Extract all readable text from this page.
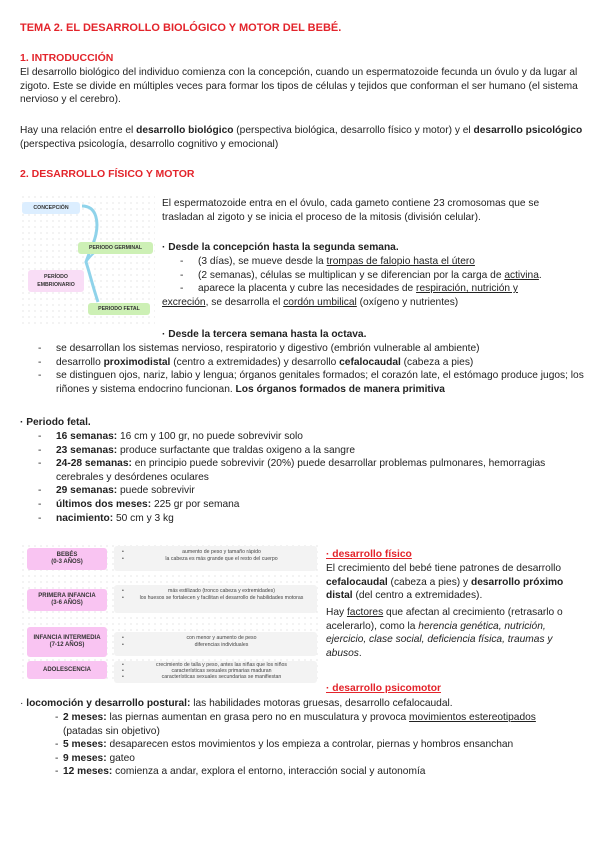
TEMA 2. EL DESARROLLO BIOLÓGICO Y MOTOR DEL BEBÉ.
1. INTRODUCCIÓN

El desarrollo biológico del individuo comienza con la concepción, cuando un espermatozoide fecunda un óvulo y da lugar al zigoto. Este se divide en múltiples veces para formar los tipos de células y tejidos que conforman el ser humano (el sistema nervioso y el cerebro).

Hay una relación entre el desarrollo biológico (perspectiva biológica, desarrollo físico y motor) y el desarrollo psicológico (perspectiva psicología, desarrollo cognitivo y emocional)

2. DESARROLLO FÍSICO Y MOTOR
CONCEPCIÓN
PERIODO GERMINAL
PERÍODO EMBRIONARIO
PERIODO FETAL

El espermatozoide entra en el óvulo, cada gameto contiene 23 cromosomas que se trasladan al zigoto y se inicia el proceso de la mitosis (división celular).

· Desde la concepción hasta la segunda semana.
- (3 días), se mueve desde la trompas de falopio hasta el útero
- (2 semanas), células se multiplican y se diferencian por la carga de activina.
- aparece la placenta y cubre las necesidades de respiración, nutrición y
excreción, se desarrolla el cordón umbilical (oxígeno y nutrientes)
· Desde la tercera semana hasta la octava.
- se desarrollan los sistemas nervioso, respiratorio y digestivo (embrión vulnerable al ambiente)
- desarrollo proximodistal (centro a extremidades) y desarrollo cefalocaudal (cabeza a pies)
- se distinguen ojos, nariz, labio y lengua; órganos genitales formados; el corazón late, el estómago produce jugos; los riñones y sistema endocrino funcionan. Los órganos formados de manera primitiva
· Periodo fetal.
- 16 semanas: 16 cm y 100 gr, no puede sobrevivir solo
- 23 semanas: produce surfactante que traldas oxigeno a la sangre
- 24-28 semanas: en principio puede sobrevivir (20%) puede desarrollar problemas pulmonares, hemorragias cerebrales y desórdenes oculares
- 29 semanas: puede sobrevivir
- últimos dos meses: 225 gr por semana
- nacimiento: 50 cm y 3 kg
• aumento de peso y tamaño rápido
• la cabeza es más grande que el resto del cuerpo
BEBÉS
(0-3 AÑOS)
• más estilizado (tronco cabeza y extremidades)
• los huesos se fortalecen y facilitan el desarrollo de habilidades motoras
PRIMERA INFANCIA
(3-6 AÑOS)
• con menor y aumento de peso
• diferencias individuales
INFANCIA INTERMEDIA
(7-12 AÑOS)
• crecimiento de talla y peso, antes las niñas que los niños
• características sexuales primarias maduran
• características sexuales secundarias se manifiestan
ADOLESCENCIA
· desarrollo físico

El crecimiento del bebé tiene patrones de desarrollo cefalocaudal (cabeza a pies) y desarrollo próximo distal (del centro a extremidades).

Hay factores que afectan al crecimiento (retrasarlo o acelerarlo), como la herencia genética, nutrición, ejercicio, clase social, deficiencia física, traumas y abusos.

· desarrollo psicomotor
· locomoción y desarrollo postural: las habilidades motoras gruesas, desarrollo cefalocaudal.
- 2 meses: las piernas aumentan en grasa pero no en musculatura y provoca movimientos estereotipados (patadas sin objetivo)
- 5 meses: desaparecen estos movimientos y los empieza a controlar, piernas y hombros ensanchan
- 9 meses: gateo
- 12 meses: comienza a andar, explora el entorno, interacción social y autonomía
